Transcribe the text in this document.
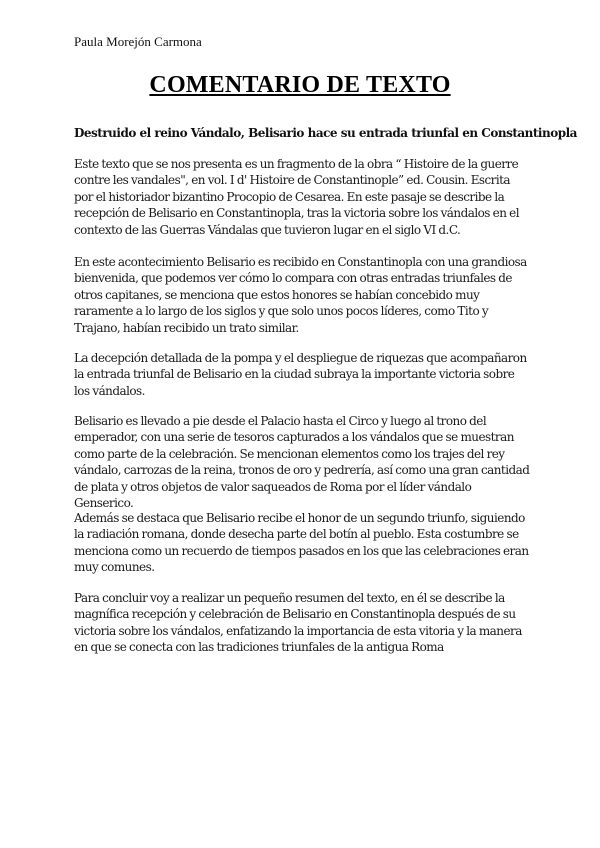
Paula Morejón Carmona

COMENTARIO DE TEXTO

Destruido el reino Vándalo, Belisario hace su entrada triunfal en Constantinopla

Este texto que se nos presenta es un fragmento de la obra “ Histoire de la guerre contre les vandales", en vol. I d' Histoire de Constantinople” ed. Cousin. Escrita por el historiador bizantino Procopio de Cesarea. En este pasaje se describe la recepción de Belisario en Constantinopla, tras la victoria sobre los vándalos en el contexto de las Guerras Vándalas que tuvieron lugar en el siglo VI d.C.

En este acontecimiento Belisario es recibido en Constantinopla con una grandiosa bienvenida, que podemos ver cómo lo compara con otras entradas triunfales de otros capitanes, se menciona que estos honores se habían concebido muy raramente a lo largo de los siglos y que solo unos pocos líderes, como Tito y Trajano, habían recibido un trato similar.

La decepción detallada de la pompa y el despliegue de riquezas que acompañaron la entrada triunfal de Belisario en la ciudad subraya la importante victoria sobre los vándalos.

Belisario es llevado a pie desde el Palacio hasta el Circo y luego al trono del emperador, con una serie de tesoros capturados a los vándalos que se muestran como parte de la celebración. Se mencionan elementos como los trajes del rey vándalo, carrozas de la reina, tronos de oro y pedrería, así como una gran cantidad de plata y otros objetos de valor saqueados de Roma por el líder vándalo Genserico.

Además se destaca que Belisario recibe el honor de un segundo triunfo, siguiendo la radiación romana, donde desecha parte del botín al pueblo. Esta costumbre se menciona como un recuerdo de tiempos pasados en los que las celebraciones eran muy comunes.

Para concluir voy a realizar un pequeño resumen del texto, en él se describe la magnífica recepción y celebración de Belisario en Constantinopla después de su victoria sobre los vándalos, enfatizando la importancia de esta vitoria y la manera en que se conecta con las tradiciones triunfales de la antigua Roma
